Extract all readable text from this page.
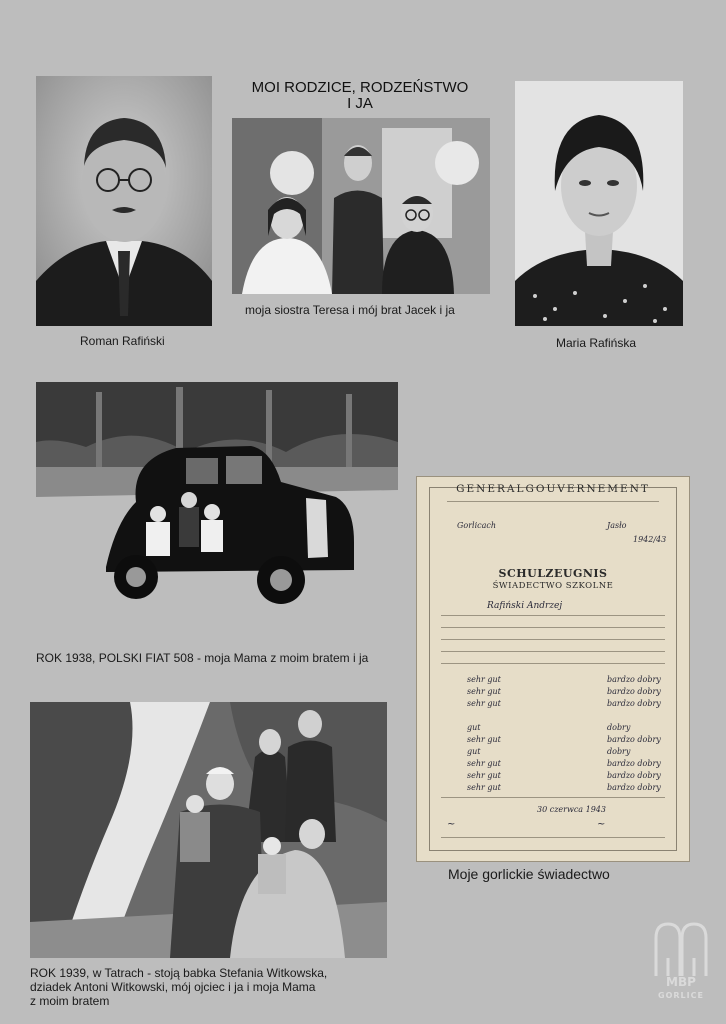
MOI RODZICE, RODZEŃSTWO
I JA
Roman Rafiński
moja siostra Teresa i mój brat Jacek i ja
Maria Rafińska
ROK 1938, POLSKI FIAT 508 - moja Mama z moim bratem i ja
GENERALGOUVERNEMENT
Gorlicach	Jasło
1942/43
SCHULZEUGNIS
ŚWIADECTWO SZKOLNE
Rafiński Andrzej
sehr gut	bardzo dobry
sehr gut	bardzo dobry
sehr gut	bardzo dobry
gut	dobry
sehr gut	bardzo dobry
gut	dobry
sehr gut	bardzo dobry
sehr gut	bardzo dobry
sehr gut	bardzo dobry
30 czerwca 1943
~	~
Moje gorlickie świadectwo
ROK 1939, w Tatrach - stoją babka Stefania Witkowska,
dziadek Antoni Witkowski, mój ojciec i ja i moja Mama
z moim bratem
MBP
GORLICE
